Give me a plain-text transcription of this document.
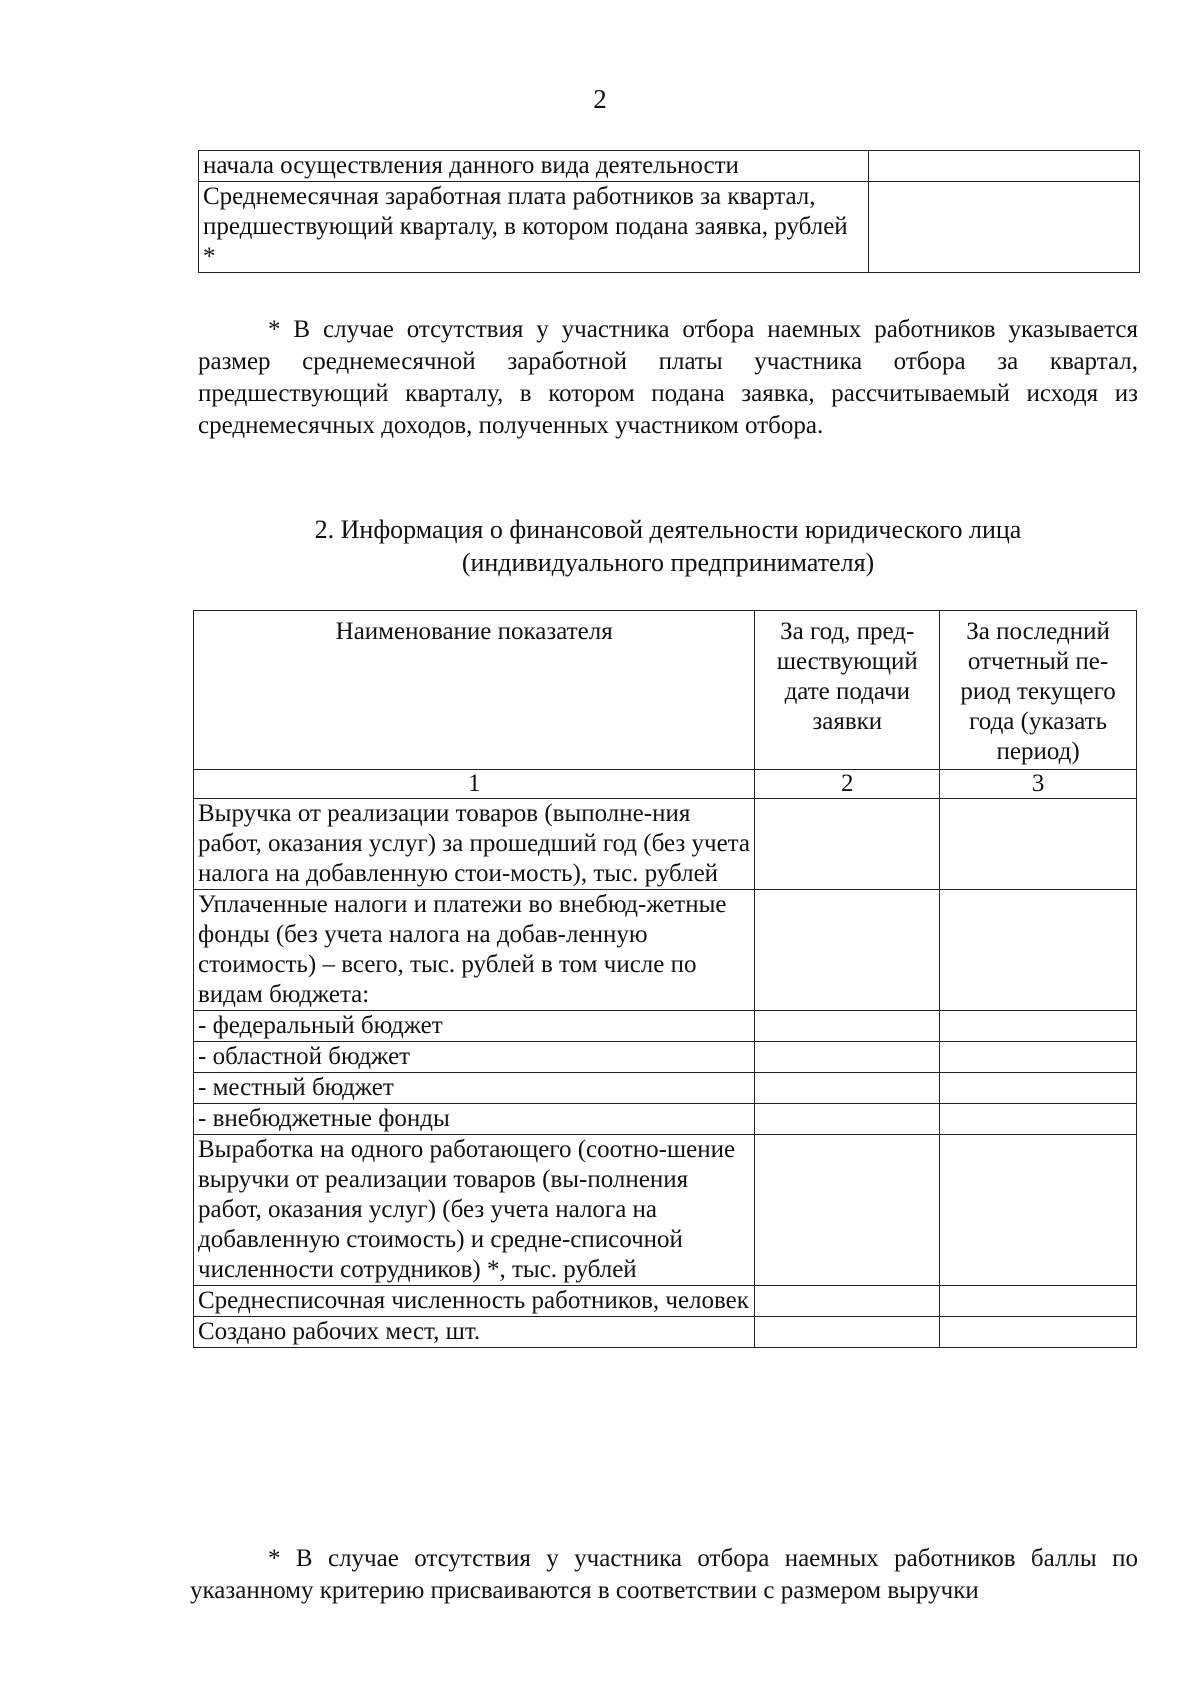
2
начала осуществления данного вида деятельности	
Среднемесячная заработная плата работников за квартал, предшествующий кварталу, в котором подана заявка, рублей *	
* В случае отсутствия у участника отбора наемных работников указывается размер среднемесячной заработной платы участника отбора за квартал, предшествующий кварталу, в котором подана заявка, рассчитываемый исходя из среднемесячных доходов, полученных участником отбора.
2. Информация о финансовой деятельности юридического лица
(индивидуального предпринимателя)
Наименование показателя	За год, пред-шествующий дате подачи заявки	За последний отчетный пе-риод текущего года (указать период)
1	2	3
Выручка от реализации товаров (выполне-ния работ, оказания услуг) за прошедший год (без учета налога на добавленную стои-мость), тыс. рублей		
Уплаченные налоги и платежи во внебюд-жетные фонды (без учета налога на добав-ленную стоимость) – всего, тыс. рублей в том числе по видам бюджета:		
- федеральный бюджет		
- областной бюджет		
- местный бюджет		
- внебюджетные фонды		
Выработка на одного работающего (соотно-шение выручки от реализации товаров (вы-полнения работ, оказания услуг) (без учета налога на добавленную стоимость) и средне-списочной численности сотрудников) *, тыс. рублей		
Среднесписочная численность работников, человек		
Создано рабочих мест, шт.		
* В случае отсутствия у участника отбора наемных работников баллы по указанному критерию присваиваются в соответствии с размером выручки
